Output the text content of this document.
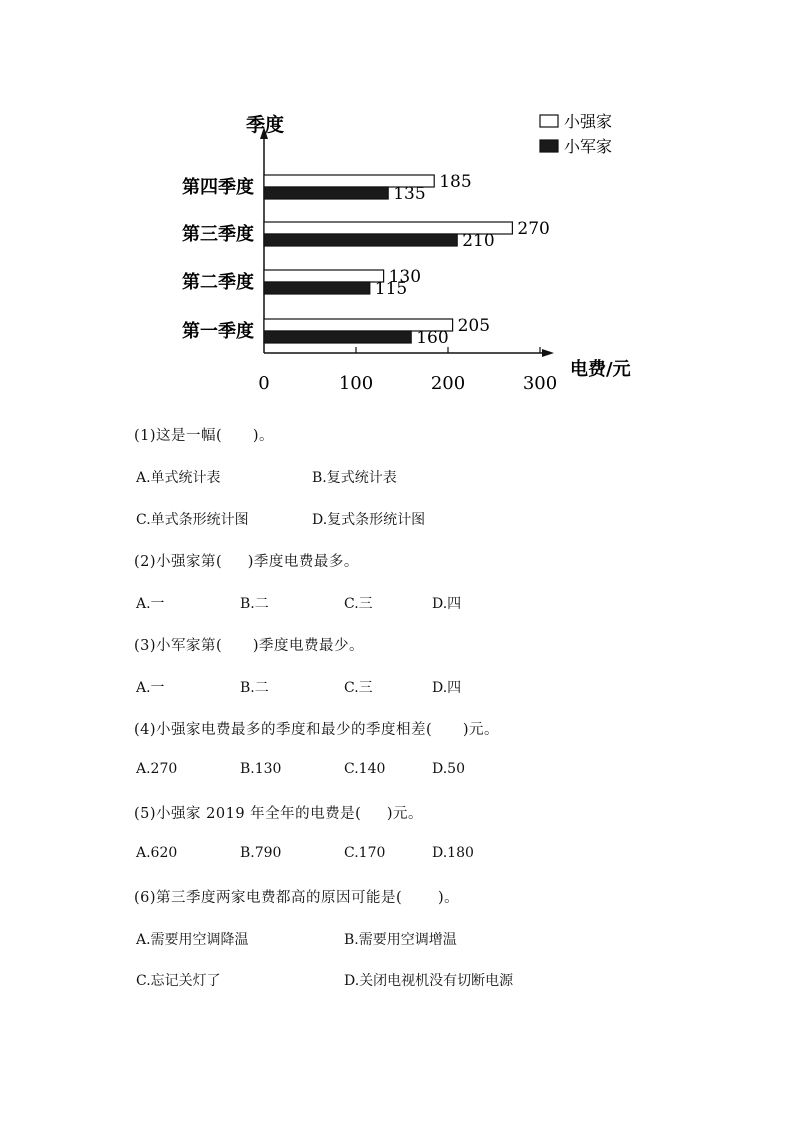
季度
电费/元
小强家
小军家
第四季度	185
135
第三季度	270
210
第二季度	130
115
第一季度	205
160
0	100	200	300
(1)这是一幅(      )。
(2)小强家第(     )季度电费最多。
(3)小军家第(      )季度电费最少。
(4)小强家电费最多的季度和最少的季度相差(      )元。
(5)小强家 2019 年全年的电费是(     )元。
(6)第三季度两家电费都高的原因可能是(       )。
A.单式统计表	B.复式统计表
C.单式条形统计图	D.复式条形统计图
A.一	B.二	C.三	D.四
A.一	B.二	C.三	D.四
A.270	B.130	C.140	D.50
A.620	B.790	C.170	D.180
A.需要用空调降温	B.需要用空调增温
C.忘记关灯了	D.关闭电视机没有切断电源
